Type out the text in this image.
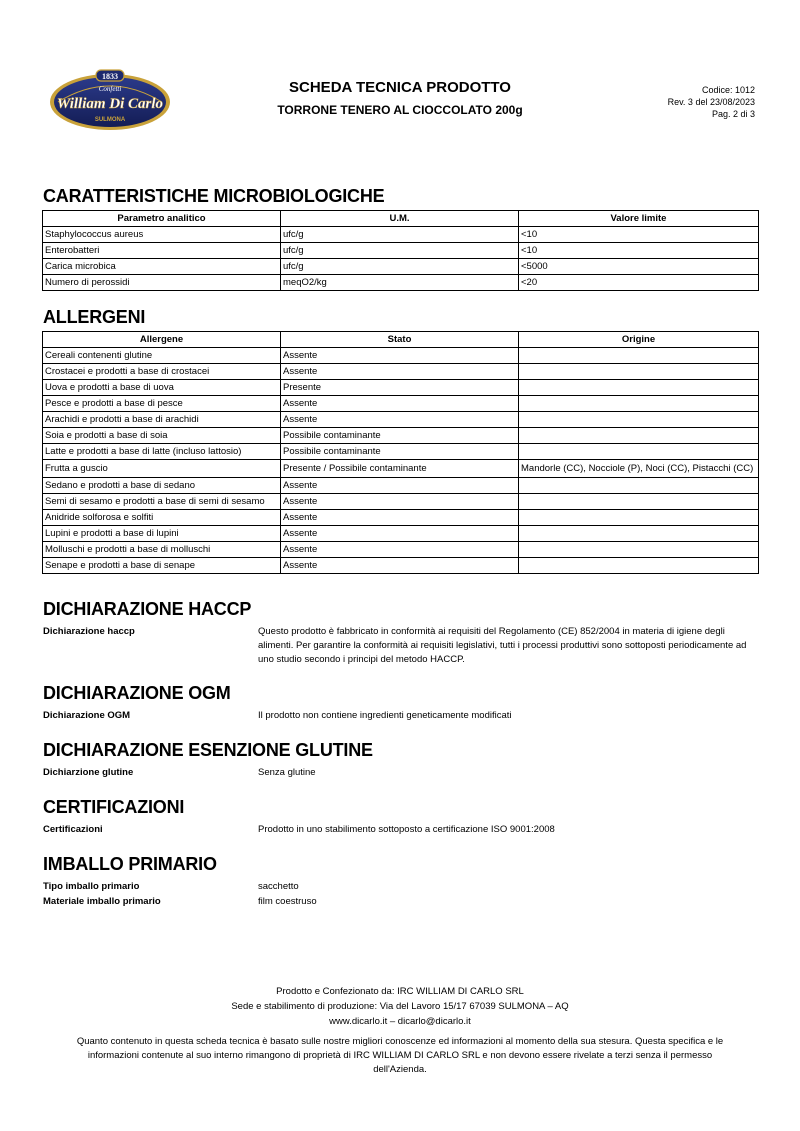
1833
Confetti
William Di Carlo
SULMONA
SCHEDA TECNICA PRODOTTO
TORRONE TENERO AL CIOCCOLATO 200g
Codice: 1012
Rev. 3 del 23/08/2023
Pag. 2 di 3
CARATTERISTICHE MICROBIOLOGICHE
Parametro analitico	U.M.	Valore limite
Staphylococcus aureus	ufc/g	<10
Enterobatteri	ufc/g	<10
Carica microbica	ufc/g	<5000
Numero di perossidi	meqO2/kg	<20
ALLERGENI
Allergene	Stato	Origine
Cereali contenenti glutine	Assente	
Crostacei e prodotti a base di crostacei	Assente	
Uova e prodotti a base di uova	Presente	
Pesce e prodotti a base di pesce	Assente	
Arachidi e prodotti a base di arachidi	Assente	
Soia e prodotti a base di soia	Possibile contaminante	
Latte e prodotti a base di latte (incluso lattosio)	Possibile contaminante	
Frutta a guscio	Presente / Possibile contaminante	Mandorle (CC), Nocciole (P), Noci (CC), Pistacchi (CC)
Sedano e prodotti a base di sedano	Assente	
Semi di sesamo e prodotti a base di semi di sesamo	Assente	
Anidride solforosa e solfiti	Assente	
Lupini e prodotti a base di lupini	Assente	
Molluschi e prodotti a base di molluschi	Assente	
Senape e prodotti a base di senape	Assente	
DICHIARAZIONE HACCP
Dichiarazione haccp	Questo prodotto è fabbricato in conformità ai requisiti del Regolamento (CE) 852/2004 in materia di igiene degli alimenti. Per garantire la conformità ai requisiti legislativi, tutti i processi produttivi sono sottoposti periodicamente ad uno studio secondo i principi del metodo HACCP.
DICHIARAZIONE OGM
Dichiarazione OGM	Il prodotto non contiene ingredienti geneticamente modificati
DICHIARAZIONE ESENZIONE GLUTINE
Dichiarzione glutine	Senza glutine
CERTIFICAZIONI
Certificazioni	Prodotto in uno stabilimento sottoposto a certificazione ISO 9001:2008
IMBALLO PRIMARIO
Tipo imballo primario	sacchetto
Materiale imballo primario	film coestruso
Prodotto e Confezionato da: IRC WILLIAM DI CARLO SRL
Sede e stabilimento di produzione: Via del Lavoro 15/17 67039 SULMONA – AQ
www.dicarlo.it – dicarlo@dicarlo.it
Quanto contenuto in questa scheda tecnica è basato sulle nostre migliori conoscenze ed informazioni al momento della sua stesura. Questa specifica e le informazioni contenute al suo interno rimangono di proprietà di IRC WILLIAM DI CARLO SRL e non devono essere rivelate a terzi senza il permesso dell'Azienda.
